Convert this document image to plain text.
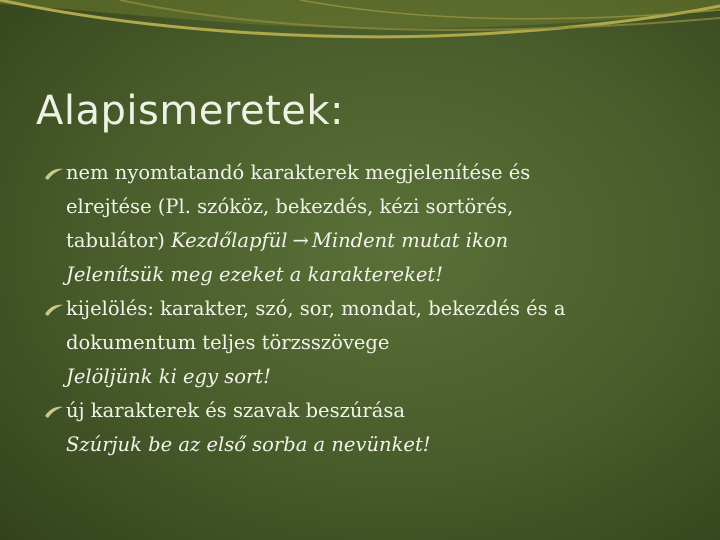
Alapismeretek:
nem nyomtatandó karakterek megjelenítése és
elrejtése (Pl. szóköz, bekezdés, kézi sortörés,
tabulátor) Kezdőlapfül → Mindent mutat ikon
Jelenítsük meg ezeket a karaktereket!
kijelölés: karakter, szó, sor, mondat, bekezdés és a
dokumentum teljes törzsszövege
Jelöljünk ki egy sort!
új karakterek és szavak beszúrása
Szúrjuk be az első sorba a nevünket!
